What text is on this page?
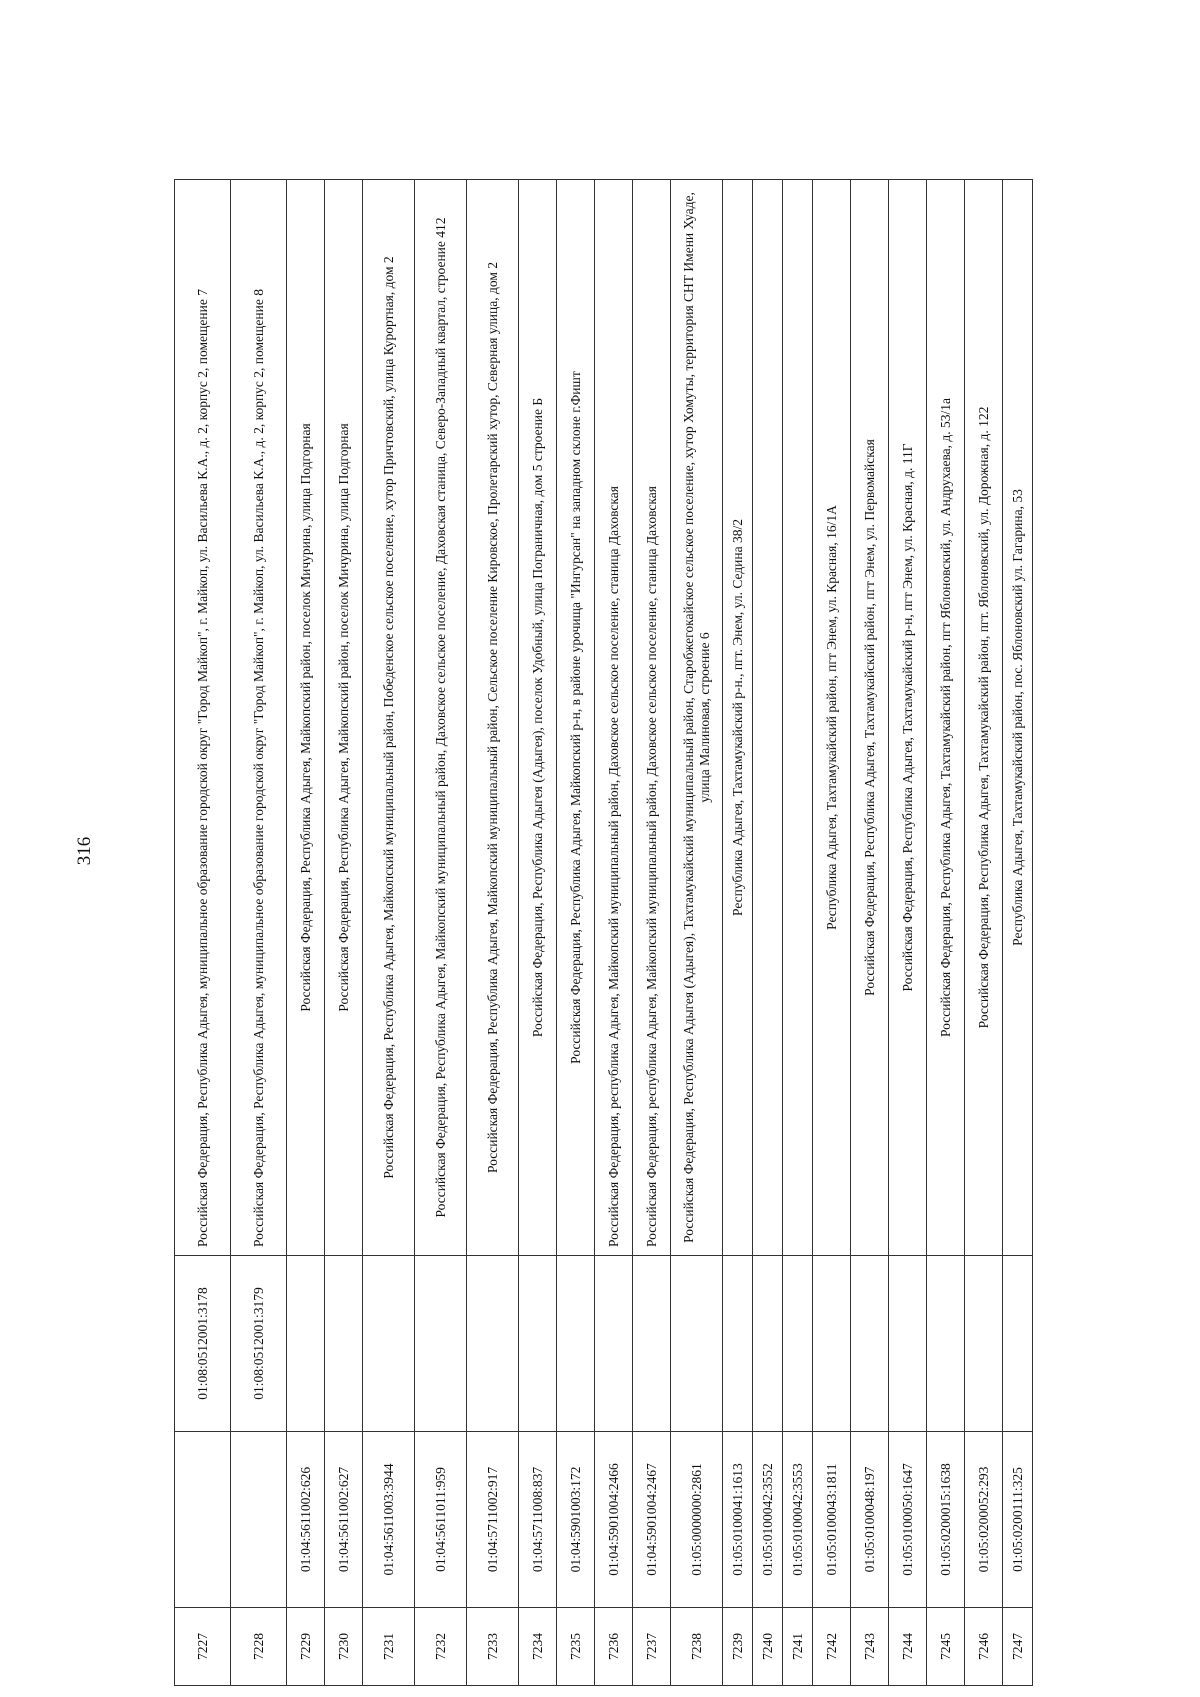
316
7227		01:08:0512001:3178	Российская Федерация, Республика Адыгея, муниципальное образование городской округ "Город Майкоп", г. Майкоп, ул. Васильева К.А., д. 2, корпус 2, помещение 7
7228		01:08:0512001:3179	Российская Федерация, Республика Адыгея, муниципальное образование городской округ "Город Майкоп", г. Майкоп, ул. Васильева К.А., д. 2, корпус 2, помещение 8
7229	01:04:5611002:626		Российская Федерация, Республика Адыгея, Майкопский район, поселок Мичурина, улица Подгорная
7230	01:04:5611002:627		Российская Федерация, Республика Адыгея, Майкопский район, поселок Мичурина, улица Подгорная
7231	01:04:5611003:3944		Российская Федерация, Республика Адыгея, Майкопский муниципальный район, Победенское сельское поселение, хутор Причтовский, улица Курортная, дом 2
7232	01:04:5611011:959		Российская Федерация, Республика Адыгея, Майкопский муниципальный район, Даховское сельское поселение, Даховская станица, Северо-Западный квартал, строение 412
7233	01:04:5711002:917		Российская Федерация, Республика Адыгея, Майкопский муниципальный район, Сельское поселение Кировское, Пролетарский хутор, Северная улица, дом 2
7234	01:04:5711008:837		Российская Федерация, Республика Адыгея (Адыгея), поселок Удобный, улица Пограничная, дом 5 строение Б
7235	01:04:5901003:172		Российская Федерация, Республика Адыгея, Майкопский р-н, в районе урочища "Ингурсан" на западном склоне г.Фишт
7236	01:04:5901004:2466		Российская Федерация, республика Адыгея, Майкопский муниципальный район, Даховское сельское поселение, станица Даховская
7237	01:04:5901004:2467		Российская Федерация, республика Адыгея, Майкопский муниципальный район, Даховское сельское поселение, станица Даховская
7238	01:05:0000000:2861		Российская Федерация, Республика Адыгея (Адыгея), Тахтамукайский муниципальный район, Старобжегокайское сельское поселение, хутор Хомуты, территория СНТ Имени Хуаде, улица Малиновая, строение 6
7239	01:05:0100041:1613		Республика Адыгея, Тахтамукайский р-н., пгт. Энем, ул. Седина 38/2
7240	01:05:0100042:3552		
7241	01:05:0100042:3553		
7242	01:05:0100043:1811		Республика Адыгея, Тахтамукайский район, пгт Энем, ул. Красная, 16/1А
7243	01:05:0100048:197		Российская Федерация, Республика Адыгея, Тахтамукайский район, пгт Энем, ул. Первомайская
7244	01:05:0100050:1647		Российская Федерация, Республика Адыгея, Тахтамукайский р-н, пгт Энем, ул. Красная, д. 11Г
7245	01:05:0200015:1638		Российская Федерация, Республика Адыгея, Тахтамукайский район, пгт Яблоновский, ул. Андрухаева, д. 53/1а
7246	01:05:0200052:293		Российская Федерация, Республика Адыгея, Тахтамукайский район, пгт. Яблоновский, ул. Дорожная, д. 122
7247	01:05:0200111:325		Республика Адыгея, Тахтамукайский район, пос. Яблоновский ул. Гагарина, 53
